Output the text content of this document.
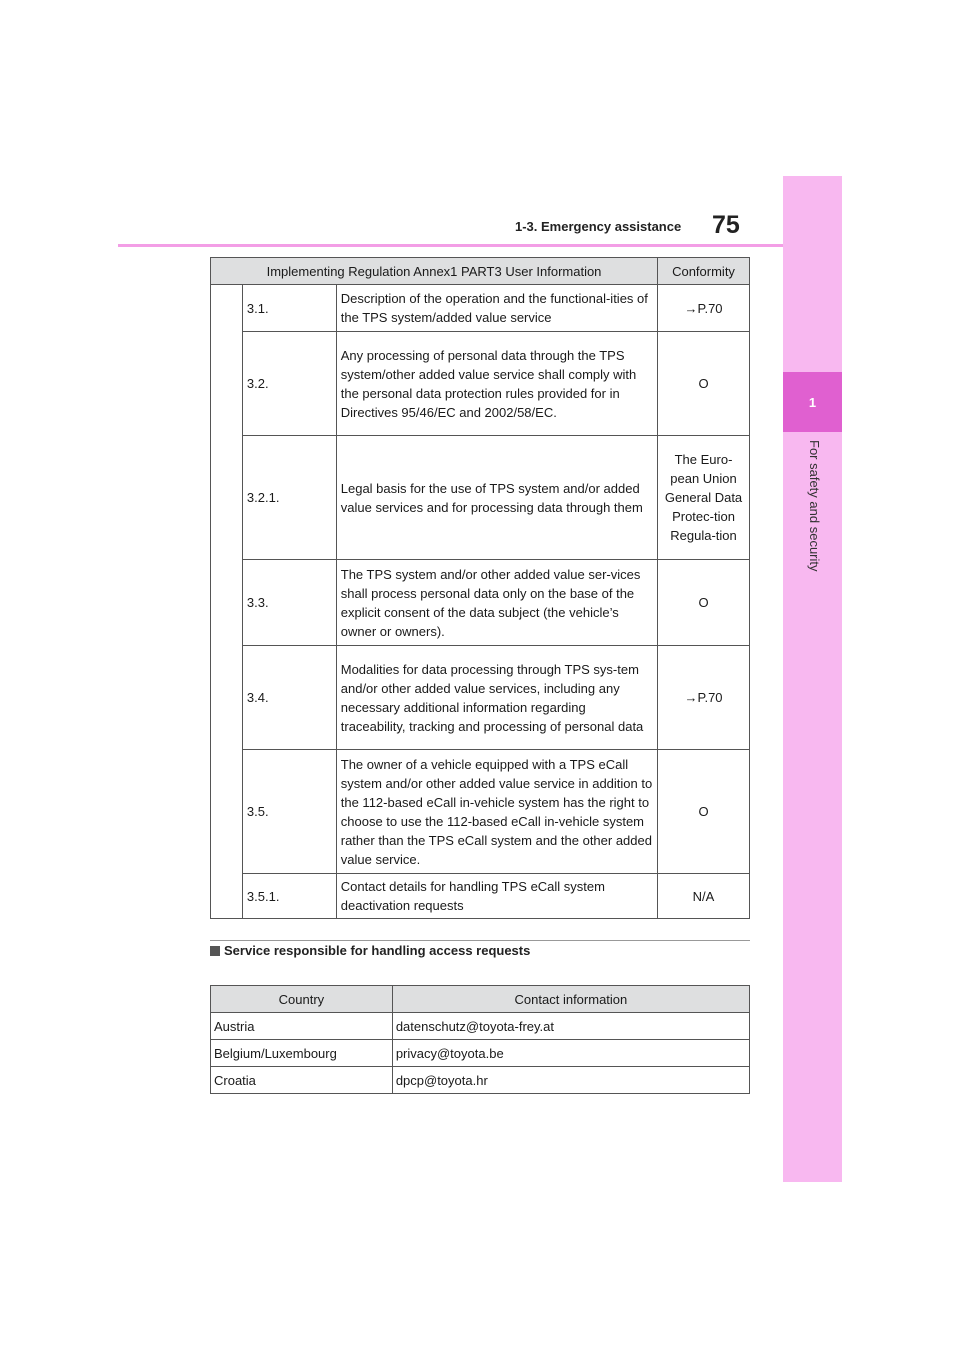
1
For safety and security
1-3. Emergency assistance 75
Implementing Regulation Annex1 PART3 User Information			Conformity
	3.1.	Description of the operation and the functional-ities of the TPS system/added value service	→P.70
	3.2.	Any processing of personal data through the TPS system/other added value service shall comply with the personal data protection rules provided for in Directives 95/46/EC and 2002/58/EC.	O
	3.2.1.	Legal basis for the use of TPS system and/or added value services and for processing data through them	The Euro-pean Union General Data Protec-tion Regula-tion
	3.3.	The TPS system and/or other added value ser-vices shall process personal data only on the base of the explicit consent of the data subject (the vehicle’s owner or owners).	O
	3.4.	Modalities for data processing through TPS sys-tem and/or other added value services, including any necessary additional information regarding traceability, tracking and processing of personal data	→P.70
	3.5.	The owner of a vehicle equipped with a TPS eCall system and/or other added value service in addition to the 112-based eCall in-vehicle system has the right to choose to use the 112-based eCall in-vehicle system rather than the TPS eCall system and the other added value service.	O
	3.5.1.	Contact details for handling TPS eCall system deactivation requests	N/A
Service responsible for handling access requests
Country	Contact information
Austria	datenschutz@toyota-frey.at
Belgium/Luxembourg	privacy@toyota.be
Croatia	dpcp@toyota.hr
